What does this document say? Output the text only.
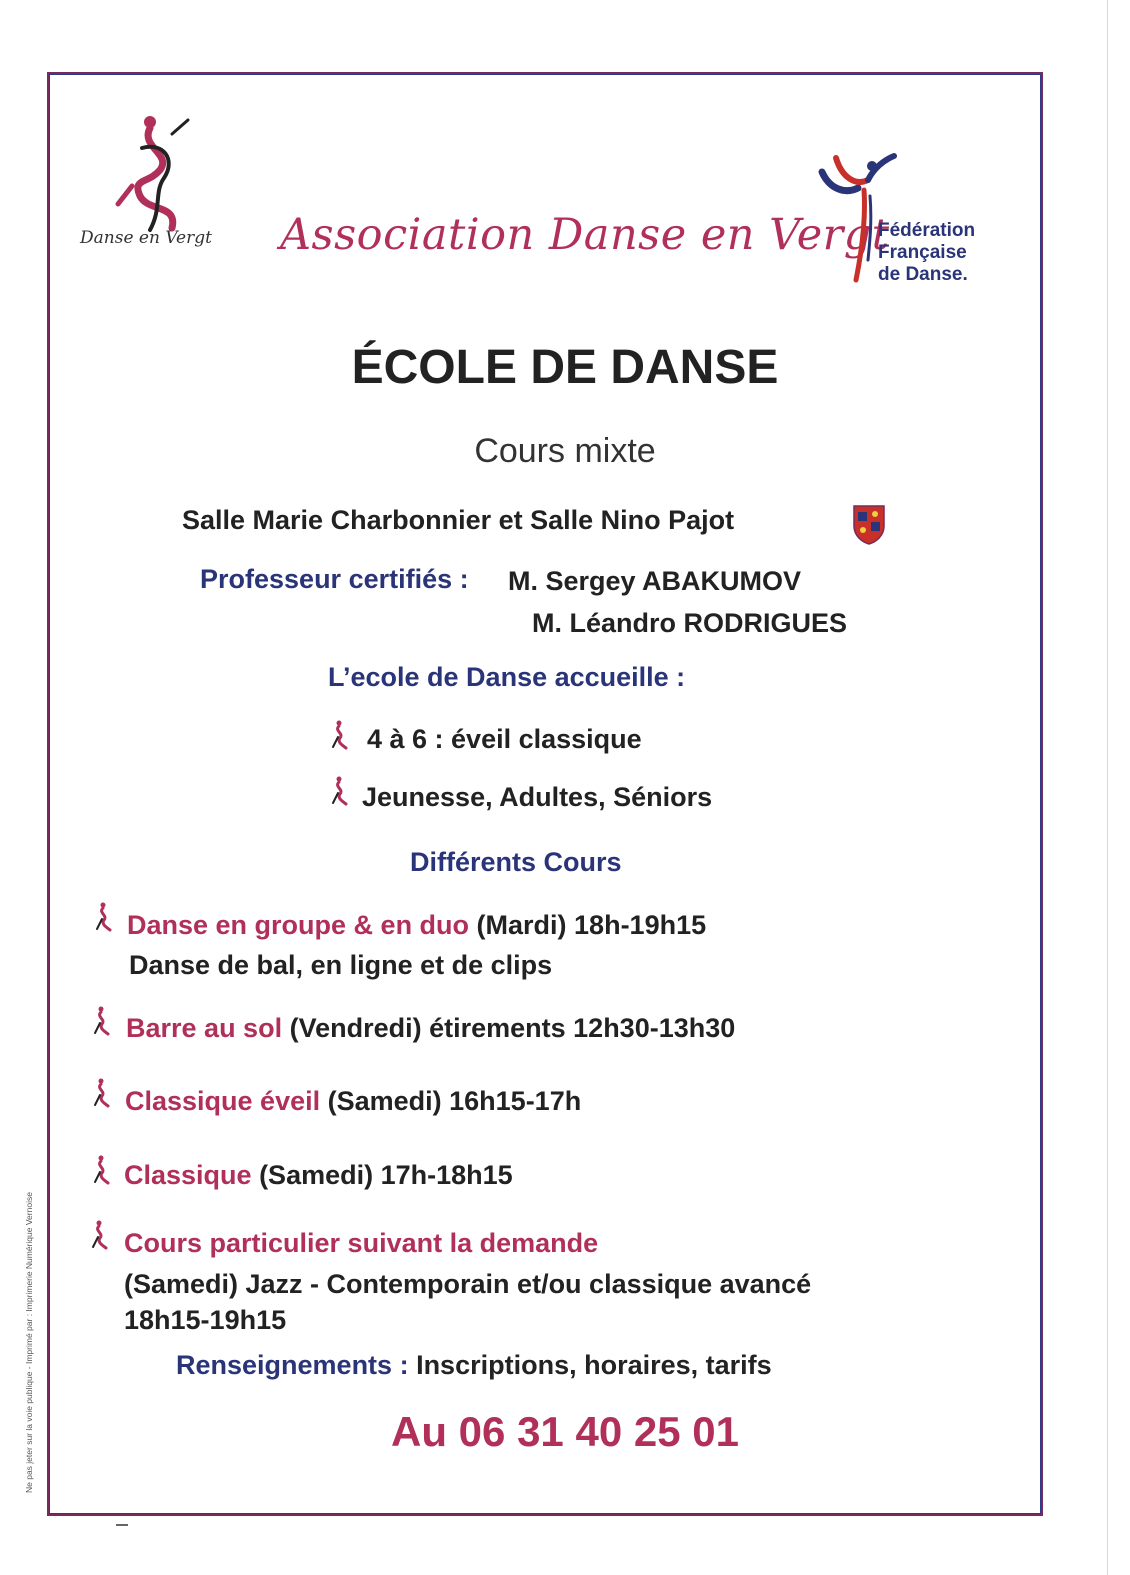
Danse en Vergt	Association Danse en Vergt
Fédération
Française
de Danse.
ÉCOLE DE DANSE
Cours mixte
Salle Marie Charbonnier et Salle Nino Pajot
Professeur certifiés : M. Sergey ABAKUMOV
M. Léandro RODRIGUES
L’ecole de Danse accueille :
4 à 6 : éveil classique
Jeunesse, Adultes, Séniors
Différents Cours
Danse en groupe & en duo (Mardi) 18h-19h15
Danse de bal, en ligne et de clips
Barre au sol (Vendredi) étirements 12h30-13h30
Classique éveil (Samedi) 16h15-17h
Classique (Samedi) 17h-18h15
Cours particulier suivant la demande
(Samedi) Jazz - Contemporain et/ou classique avancé
18h15-19h15
Renseignements : Inscriptions, horaires, tarifs
Au 06 31 40 25 01
Ne pas jeter sur la voie publique - Imprimé par : Imprimerie Numérique Vernoise
